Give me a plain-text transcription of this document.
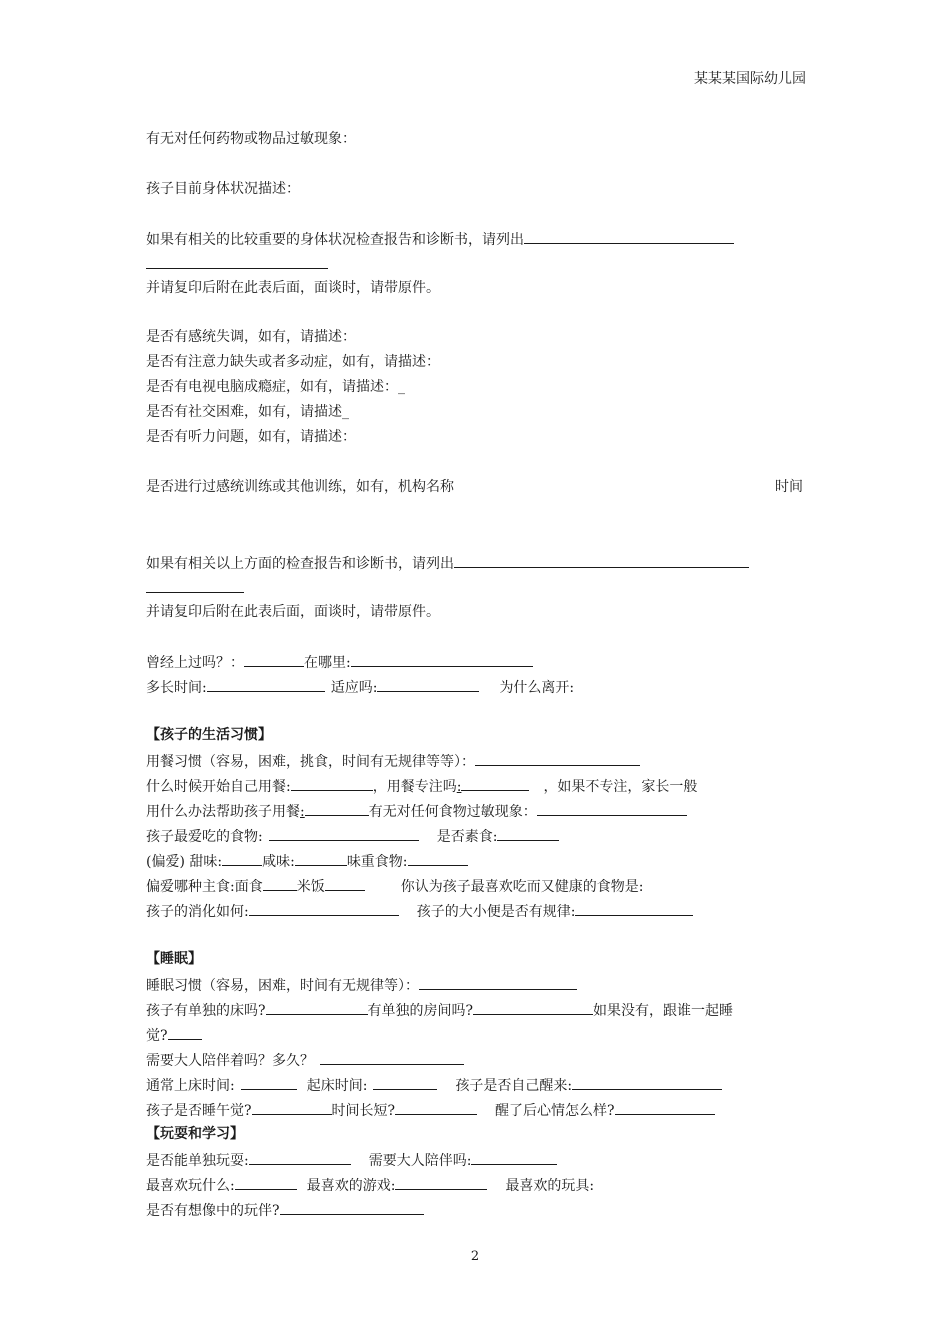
某某某国际幼儿园
有无对任何药物或物品过敏现象：
孩子目前身体状况描述：
如果有相关的比较重要的身体状况检查报告和诊断书，请列出
并请复印后附在此表后面，面谈时，请带原件。
是否有感统失调，如有，请描述：
是否有注意力缺失或者多动症，如有，请描述：
是否有电视电脑成瘾症，如有，请描述：_
是否有社交困难，如有，请描述_
是否有听力问题，如有，请描述：
是否进行过感统训练或其他训练，如有，机构名称	时间
如果有相关以上方面的检查报告和诊断书，请列出
并请复印后附在此表后面，面谈时，请带原件。
曾经上过吗？：	在哪里:
多长时间:	适应吗:	为什么离开:
【孩子的生活习惯】
用餐习惯（容易，困难，挑食，时间有无规律等等）：
什么时候开始自己用餐:	，用餐专注吗:	，如果不专注，家长一般
用什么办法帮助孩子用餐:	有无对任何食物过敏现象：
孩子最爱吃的食物:	是否素食:
(偏爱) 甜味:	咸味:	味重食物:
偏爱哪种主食:面食 米饭	你认为孩子最喜欢吃而又健康的食物是:
孩子的消化如何:	孩子的大小便是否有规律:
【睡眠】
睡眠习惯（容易，困难，时间有无规律等）：
孩子有单独的床吗?	有单独的房间吗?	如果没有，跟谁一起睡
觉?
需要大人陪伴着吗？多久？
通常上床时间:	起床时间:	孩子是否自己醒来:
孩子是否睡午觉?	时间长短?	醒了后心情怎么样?
【玩耍和学习】
是否能单独玩耍:	需要大人陪伴吗:
最喜欢玩什么:	最喜欢的游戏:	最喜欢的玩具:
是否有想像中的玩伴?
2
